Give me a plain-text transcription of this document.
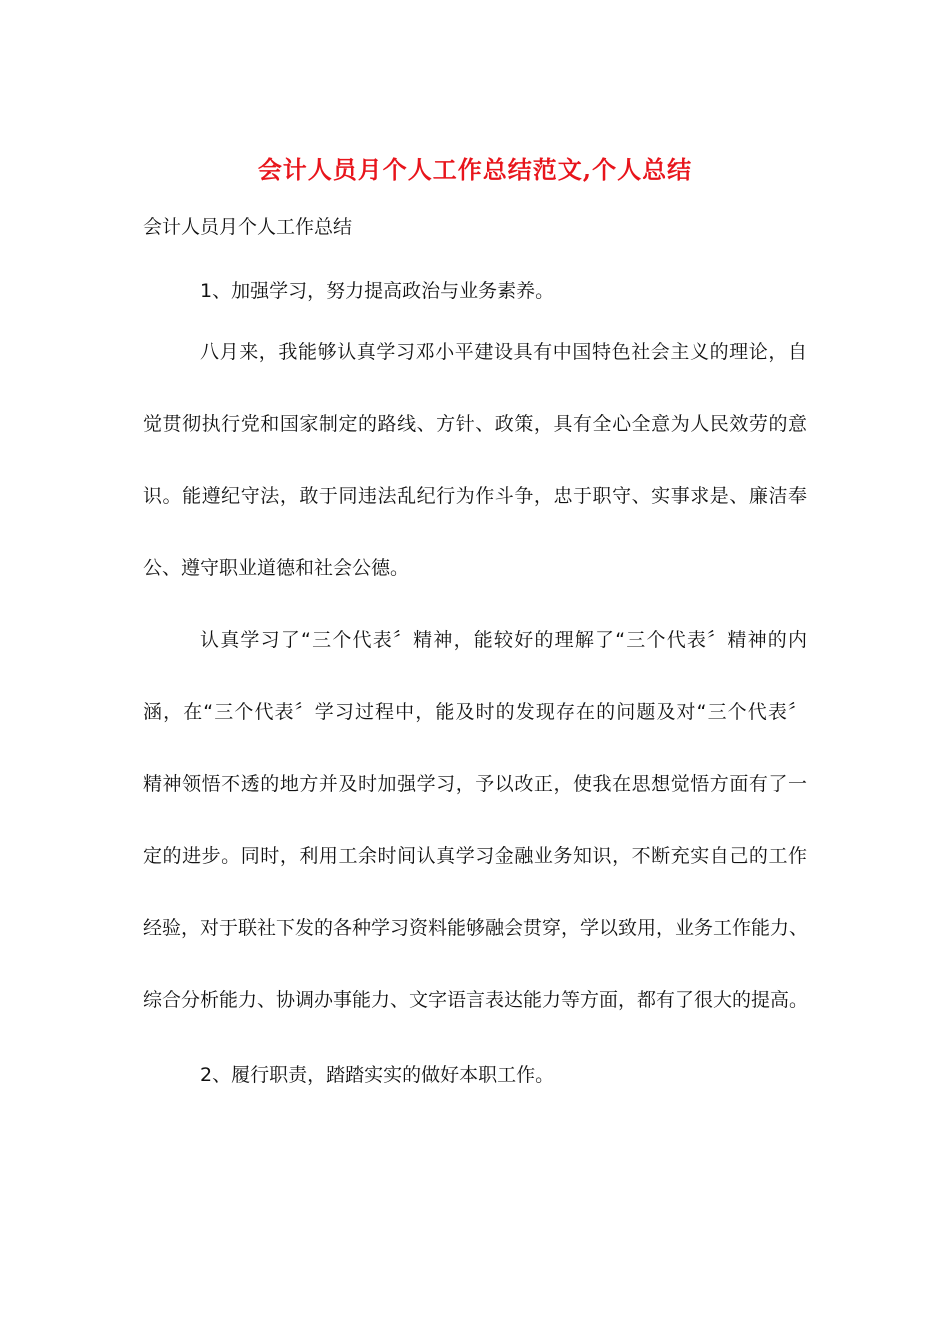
会计人员月个人工作总结范文,个人总结
会计人员月个人工作总结
1、加强学习，努力提高政治与业务素养。
八月来，我能够认真学习邓小平建设具有中国特色社会主义的理论，自
觉贯彻执行党和国家制定的路线、方针、政策，具有全心全意为人民效劳的意
识。能遵纪守法，敢于同违法乱纪行为作斗争，忠于职守、实事求是、廉洁奉
公、遵守职业道德和社会公德。
认真学习了“三个代表〞精神，能较好的理解了“三个代表〞精神的内
涵，在“三个代表〞学习过程中，能及时的发现存在的问题及对“三个代表〞
精神领悟不透的地方并及时加强学习，予以改正，使我在思想觉悟方面有了一
定的进步。同时，利用工余时间认真学习金融业务知识，不断充实自己的工作
经验，对于联社下发的各种学习资料能够融会贯穿，学以致用，业务工作能力、
综合分析能力、协调办事能力、文字语言表达能力等方面，都有了很大的提高。
2、履行职责，踏踏实实的做好本职工作。
